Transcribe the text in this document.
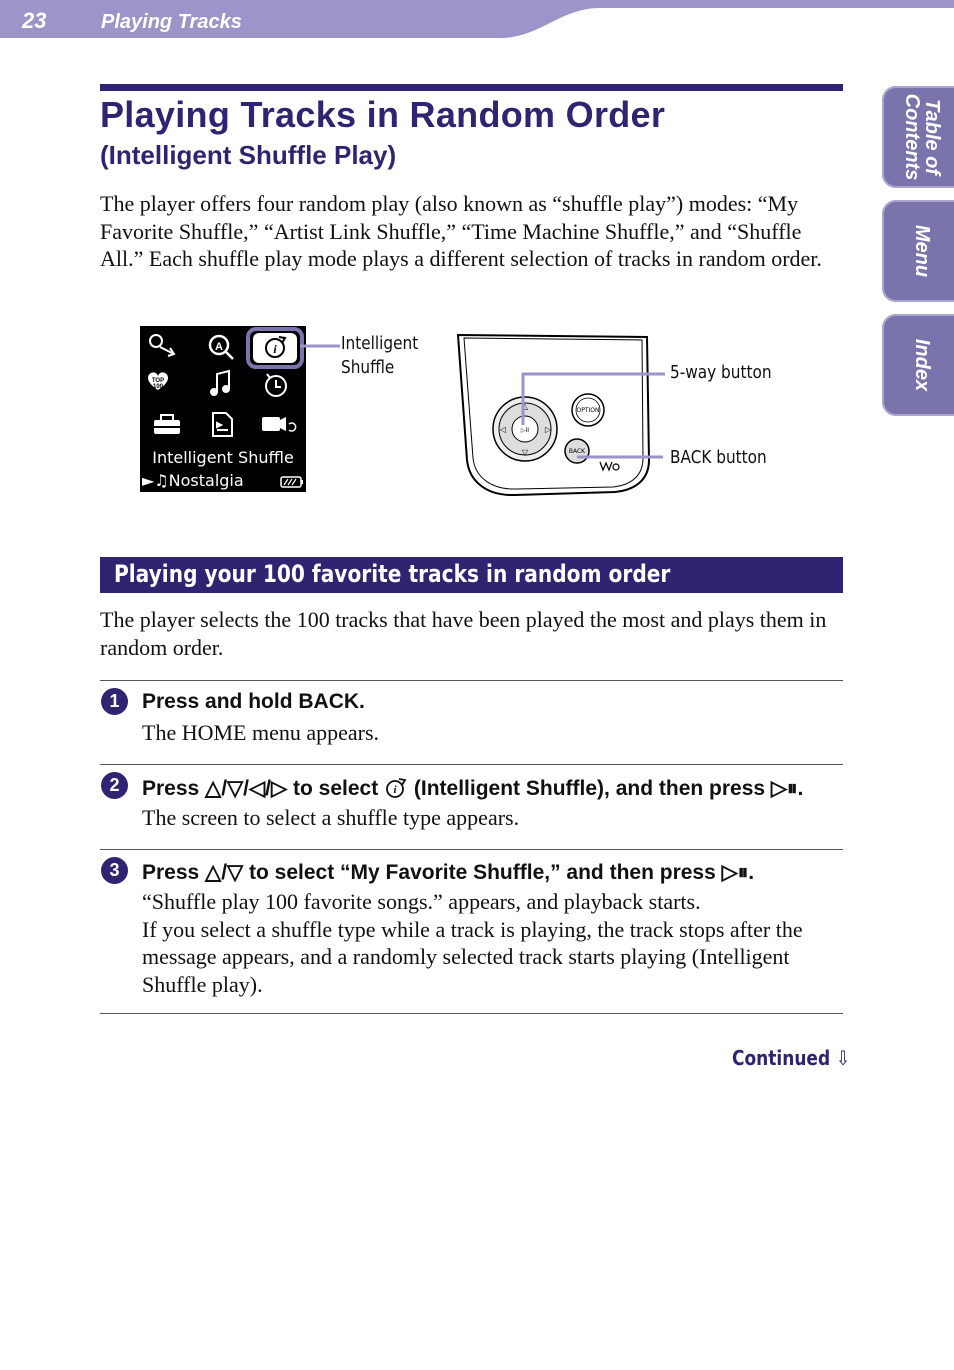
23	Playing Tracks
Table of Contents
Menu
Index
Playing Tracks in Random Order
(Intelligent Shuffle Play)
The player offers four random play (also known as “shuffle play”) modes: “My Favorite Shuffle,” “Artist Link Shuffle,” “Time Machine Shuffle,” and “Shuffle All.” Each shuffle play mode plays a different selection of tracks in random order.
A	i
TOP
100
Intelligent Shuffle
►♫Nostalgia
Intelligent
Shuffle
▷II
△
▽
◁	▷
OPTION
BACK
5-way button
BACK button
Playing your 100 favorite tracks in random order
The player selects the 100 tracks that have been played the most and plays them in random order.
1	Press and hold BACK.
The HOME menu appears.
2	Press △/▽/◁/▷ to select i (Intelligent Shuffle), and then press ▷⏸.
The screen to select a shuffle type appears.
3	Press △/▽ to select “My Favorite Shuffle,” and then press ▷⏸.
“Shuffle play 100 favorite songs.” appears, and playback starts.
If you select a shuffle type while a track is playing, the track stops after the message appears, and a randomly selected track starts playing (Intelligent Shuffle play).
Continued ⇩
